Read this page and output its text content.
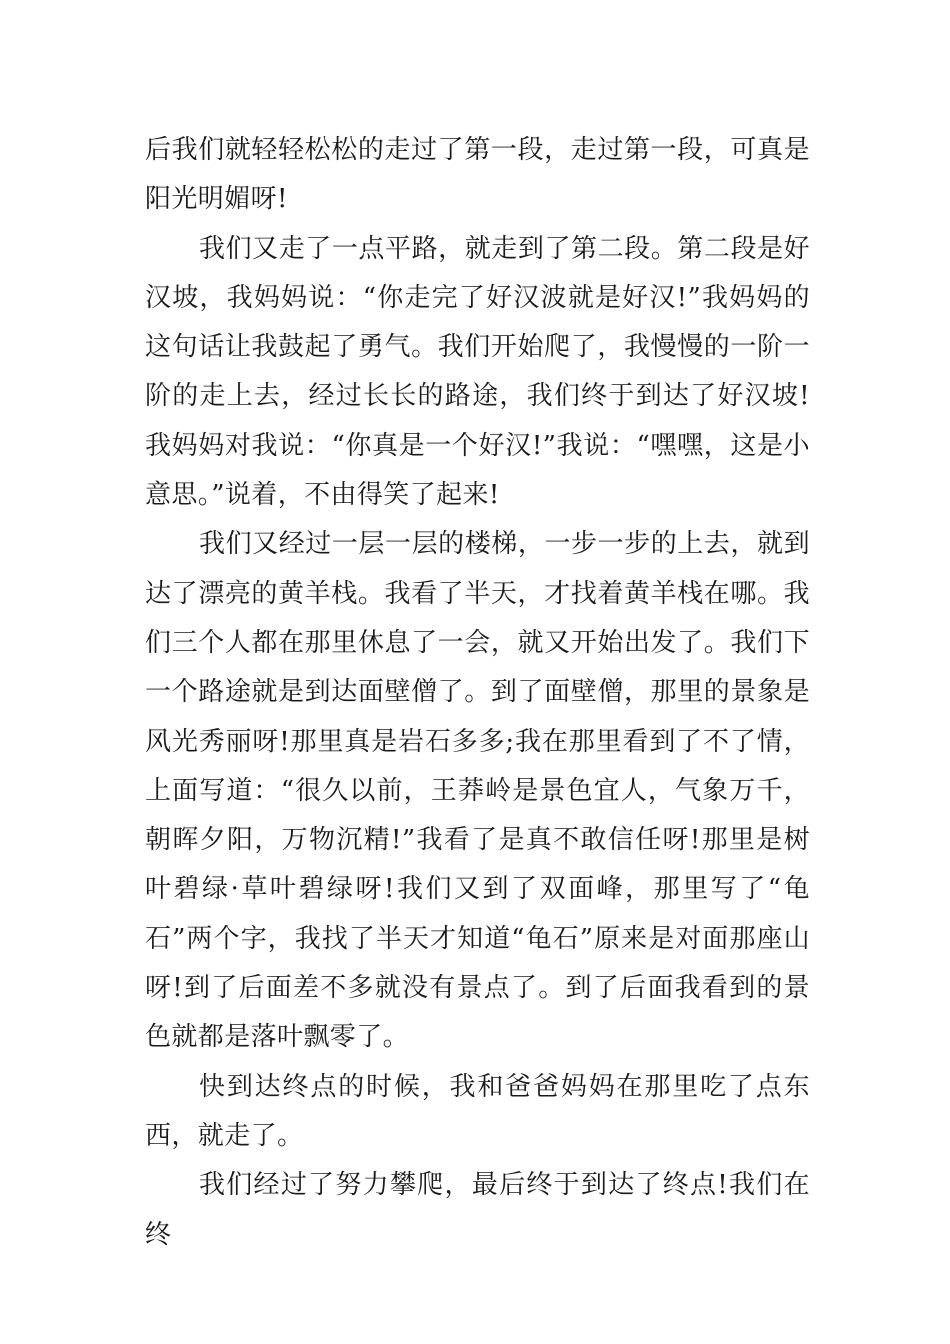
后我们就轻轻松松的走过了第一段，走过第一段，可真是阳光明媚呀!

我们又走了一点平路，就走到了第二段。第二段是好汉坡，我妈妈说：“你走完了好汉波就是好汉!”我妈妈的这句话让我鼓起了勇气。我们开始爬了，我慢慢的一阶一阶的走上去，经过长长的路途，我们终于到达了好汉坡!我妈妈对我说：“你真是一个好汉!”我说：“嘿嘿，这是小意思。”说着，不由得笑了起来!

我们又经过一层一层的楼梯，一步一步的上去，就到达了漂亮的黄羊栈。我看了半天，才找着黄羊栈在哪。我们三个人都在那里休息了一会，就又开始出发了。我们下一个路途就是到达面壁僧了。到了面壁僧，那里的景象是风光秀丽呀!那里真是岩石多多;我在那里看到了不了情，上面写道：“很久以前，王莽岭是景色宜人，气象万千，朝晖夕阳，万物沉精!”我看了是真不敢信任呀!那里是树叶碧绿·草叶碧绿呀!我们又到了双面峰，那里写了“龟石”两个字，我找了半天才知道“龟石”原来是对面那座山呀!到了后面差不多就没有景点了。到了后面我看到的景色就都是落叶飘零了。

快到达终点的时候，我和爸爸妈妈在那里吃了点东西，就走了。

我们经过了努力攀爬，最后终于到达了终点!我们在终
